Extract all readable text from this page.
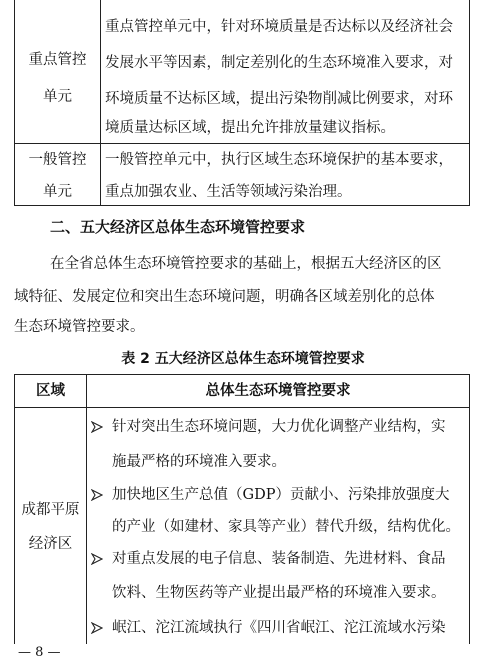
重点管控
单元
重点管控单元中，针对环境质量是否达标以及经济社会
发展水平等因素，制定差别化的生态环境准入要求，对
环境质量不达标区域，提出污染物削减比例要求，对环
境质量达标区域，提出允许排放量建议指标。
一般管控
单元
一般管控单元中，执行区域生态环境保护的基本要求，
重点加强农业、生活等领域污染治理。
二、五大经济区总体生态环境管控要求
在全省总体生态环境管控要求的基础上，根据五大经济区的区
域特征、发展定位和突出生态环境问题，明确各区域差别化的总体
生态环境管控要求。
表 2 五大经济区总体生态环境管控要求
区域	总体生态环境管控要求
成都平原
经济区
针对突出生态环境问题，大力优化调整产业结构，实
施最严格的环境准入要求。
加快地区生产总值（GDP）贡献小、污染排放强度大
的产业（如建材、家具等产业）替代升级，结构优化。
对重点发展的电子信息、装备制造、先进材料、食品
饮料、生物医药等产业提出最严格的环境准入要求。
岷江、沱江流域执行《四川省岷江、沱江流域水污染
— 8 —
